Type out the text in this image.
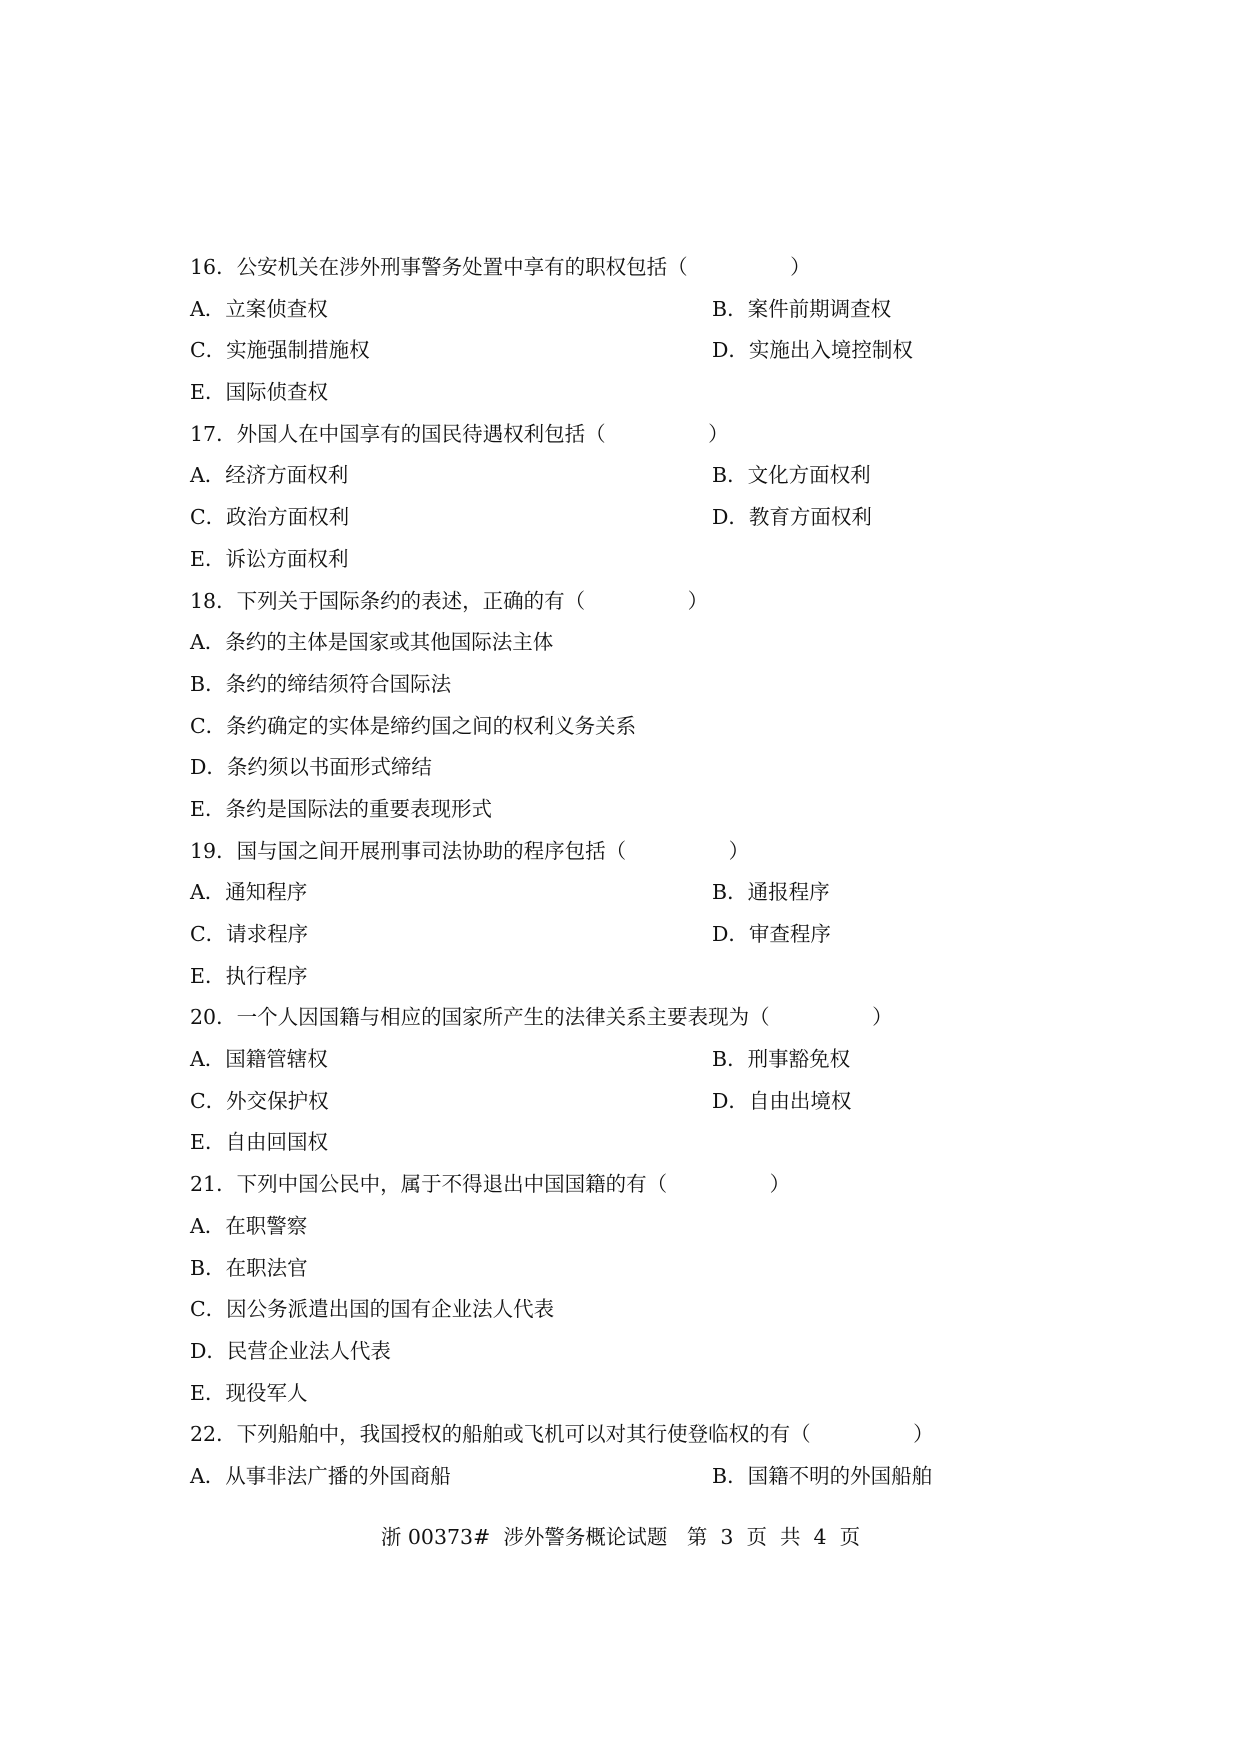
16．公安机关在涉外刑事警务处置中享有的职权包括（　　　　　）
A．立案侦查权	B．案件前期调查权
C．实施强制措施权	D．实施出入境控制权
E．国际侦查权
17．外国人在中国享有的国民待遇权利包括（　　　　　）
A．经济方面权利	B．文化方面权利
C．政治方面权利	D．教育方面权利
E．诉讼方面权利
18．下列关于国际条约的表述，正确的有（　　　　　）
A．条约的主体是国家或其他国际法主体
B．条约的缔结须符合国际法
C．条约确定的实体是缔约国之间的权利义务关系
D．条约须以书面形式缔结
E．条约是国际法的重要表现形式
19．国与国之间开展刑事司法协助的程序包括（　　　　　）
A．通知程序	B．通报程序
C．请求程序	D．审查程序
E．执行程序
20．一个人因国籍与相应的国家所产生的法律关系主要表现为（　　　　　）
A．国籍管辖权	B．刑事豁免权
C．外交保护权	D．自由出境权
E．自由回国权
21．下列中国公民中，属于不得退出中国国籍的有（　　　　　）
A．在职警察
B．在职法官
C．因公务派遣出国的国有企业法人代表
D．民营企业法人代表
E．现役军人
22．下列船舶中，我国授权的船舶或飞机可以对其行使登临权的有（　　　　　）
A．从事非法广播的外国商船	B．国籍不明的外国船舶
浙 00373#  涉外警务概论试题   第  3  页  共  4  页
